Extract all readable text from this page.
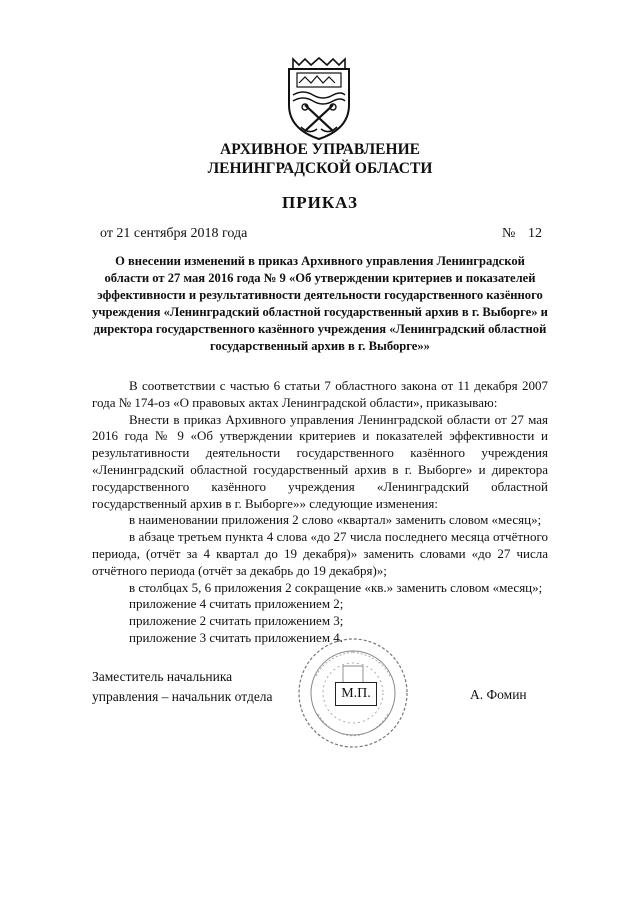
АРХИВНОЕ УПРАВЛЕНИЕ
ЛЕНИНГРАДСКОЙ ОБЛАСТИ
ПРИКАЗ
от 21 сентября 2018 года	№ 12
О внесении изменений в приказ Архивного управления Ленинградской области от 27 мая 2016 года № 9 «Об утверждении критериев и показателей эффективности и результативности деятельности государственного казённого учреждения «Ленинградский областной государственный архив в г. Выборге» и директора государственного казённого учреждения «Ленинградский областной государственный архив в г. Выборге»»

В соответствии с частью 6 статьи 7 областного закона от 11 декабря 2007 года № 174-оз «О правовых актах Ленинградской области», приказываю:

Внести в приказ Архивного управления Ленинградской области от 27 мая 2016 года № 9 «Об утверждении критериев и показателей эффективности и результативности деятельности государственного казённого учреждения «Ленинградский областной государственный архив в г. Выборге» и директора государственного казённого учреждения «Ленинградский областной государственный архив в г. Выборге»» следующие изменения:

в наименовании приложения 2 слово «квартал» заменить словом «месяц»;

в абзаце третьем пункта 4 слова «до 27 числа последнего месяца отчётного периода, (отчёт за 4 квартал до 19 декабря)» заменить словами «до 27 числа отчётного периода (отчёт за декабрь до 19 декабря)»;

в столбцах 5, 6 приложения 2 сокращение «кв.» заменить словом «месяц»;

приложение 4 считать приложением 2;

приложение 2 считать приложением 3;

приложение 3 считать приложением 4.

Заместитель начальника
управления – начальник отдела	М.П.	А. Фомин
